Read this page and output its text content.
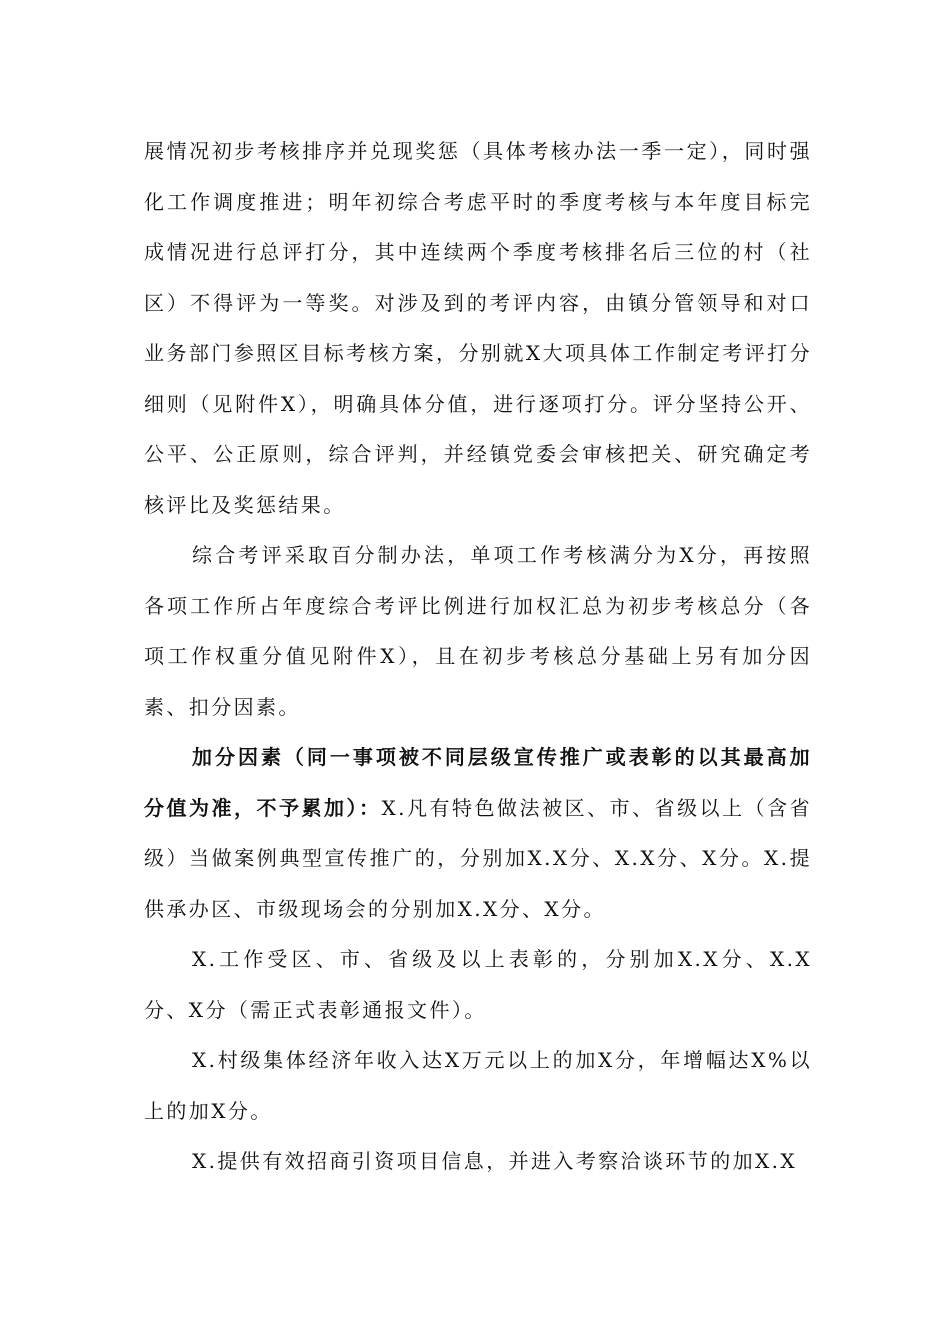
展情况初步考核排序并兑现奖惩（具体考核办法一季一定），同时强化工作调度推进；明年初综合考虑平时的季度考核与本年度目标完成情况进行总评打分，其中连续两个季度考核排名后三位的村（社区）不得评为一等奖。对涉及到的考评内容，由镇分管领导和对口业务部门参照区目标考核方案，分别就X大项具体工作制定考评打分细则（见附件X），明确具体分值，进行逐项打分。评分坚持公开、公平、公正原则，综合评判，并经镇党委会审核把关、研究确定考核评比及奖惩结果。

综合考评采取百分制办法，单项工作考核满分为X分，再按照各项工作所占年度综合考评比例进行加权汇总为初步考核总分（各项工作权重分值见附件X），且在初步考核总分基础上另有加分因素、扣分因素。

加分因素（同一事项被不同层级宣传推广或表彰的以其最高加分值为准，不予累加）：X.凡有特色做法被区、市、省级以上（含省级）当做案例典型宣传推广的，分别加X.X分、X.X分、X分。X.提供承办区、市级现场会的分别加X.X分、X分。

X.工作受区、市、省级及以上表彰的，分别加X.X分、X.X分、X分（需正式表彰通报文件）。

X.村级集体经济年收入达X万元以上的加X分，年增幅达X%以上的加X分。

X.提供有效招商引资项目信息，并进入考察洽谈环节的加X.X
